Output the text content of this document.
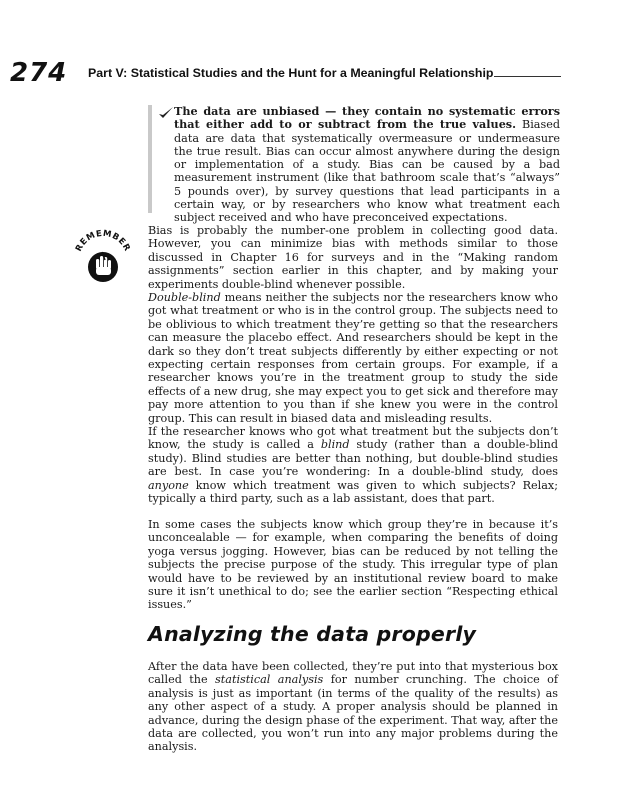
274 Part V: Statistical Studies and the Hunt for a Meaningful Relationship

The data are unbiased — they contain no systematic errors that either add to or subtract from the true values. Biased data are data that systematically overmeasure or undermeasure the true result. Bias can occur almost anywhere during the design or implementation of a study. Bias can be caused by a bad measurement instrument (like that bathroom scale that’s “always” 5 pounds over), by survey questions that lead participants in a certain way, or by researchers who know what treatment each subject received and who have preconceived expectations.

REMEMBER

Bias is probably the number-one problem in collecting good data. However, you can minimize bias with methods similar to those discussed in Chapter 16 for surveys and in the “Making random assignments” section earlier in this chapter, and by making your experiments double-blind whenever possible.

Double-blind means neither the subjects nor the researchers know who got what treatment or who is in the control group. The subjects need to be oblivious to which treatment they’re getting so that the researchers can measure the placebo effect. And researchers should be kept in the dark so they don’t treat subjects differently by either expecting or not expecting certain responses from certain groups. For example, if a researcher knows you’re in the treatment group to study the side effects of a new drug, she may expect you to get sick and therefore may pay more attention to you than if she knew you were in the control group. This can result in biased data and misleading results.

If the researcher knows who got what treatment but the subjects don’t know, the study is called a blind study (rather than a double-blind study). Blind studies are better than nothing, but double-blind studies are best. In case you’re wondering: In a double-blind study, does anyone know which treatment was given to which subjects? Relax; typically a third party, such as a lab assistant, does that part.

In some cases the subjects know which group they’re in because it’s unconcealable — for example, when comparing the benefits of doing yoga versus jogging. However, bias can be reduced by not telling the subjects the precise purpose of the study. This irregular type of plan would have to be reviewed by an institutional review board to make sure it isn’t unethical to do; see the earlier section “Respecting ethical issues.”

Analyzing the data properly

After the data have been collected, they’re put into that mysterious box called the statistical analysis for number crunching. The choice of analysis is just as important (in terms of the quality of the results) as any other aspect of a study. A proper analysis should be planned in advance, during the design phase of the experiment. That way, after the data are collected, you won’t run into any major problems during the analysis.
